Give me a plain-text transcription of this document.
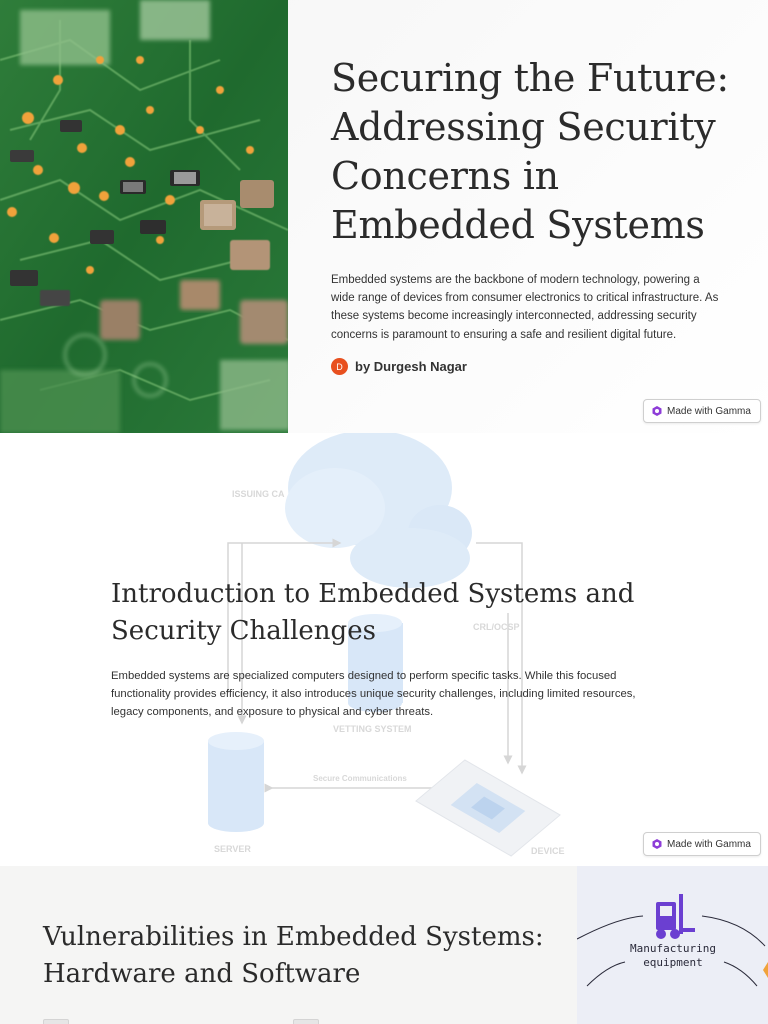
Securing the Future: Addressing Security Concerns in Embedded Systems

Embedded systems are the backbone of modern technology, powering a wide range of devices from consumer electronics to critical infrastructure. As these systems become increasingly interconnected, addressing security concerns is paramount to ensuring a safe and resilient digital future.

D by Durgesh Nagar
Made with Gamma
ISSUING CA
CRL/OCSP
VETTING SYSTEM
Secure Communications
SERVER	DEVICE
Introduction to Embedded Systems and Security Challenges

Embedded systems are specialized computers designed to perform specific tasks. While this focused functionality provides efficiency, it also introduces unique security challenges, including limited resources, legacy components, and exposure to physical and cyber threats.

Made with Gamma
Vulnerabilities in Embedded Systems: Hardware and Software
Manufacturing equipment
